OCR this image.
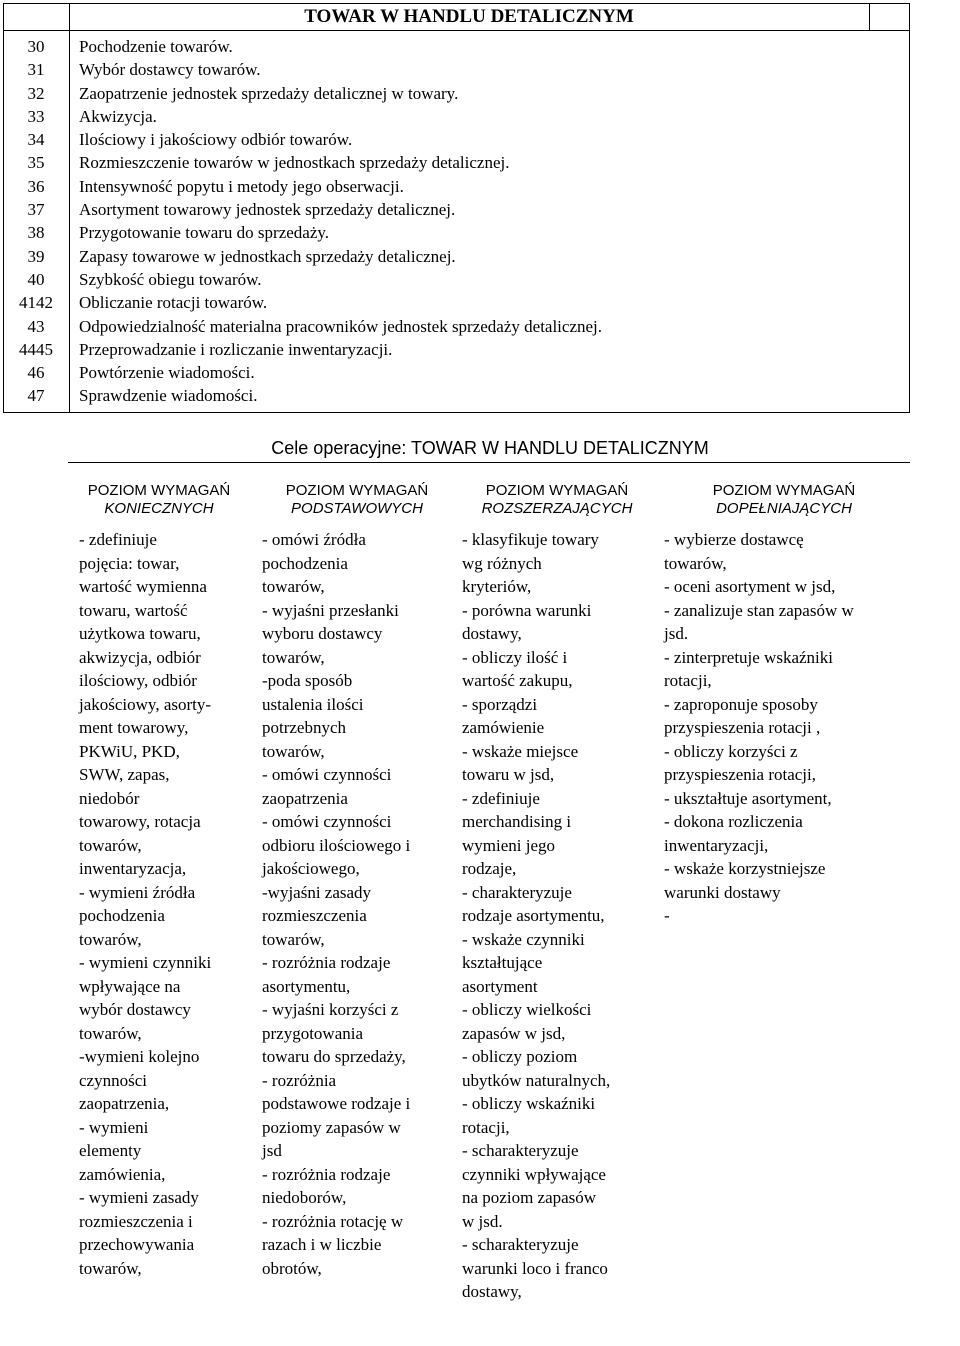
TOWAR W HANDLU DETALICZNYM
30
31
32
33
34
35
36
37
38
39
40
4142
43
4445
46
47
Pochodzenie towarów.
Wybór dostawcy towarów.
Zaopatrzenie jednostek sprzedaży detalicznej w towary.
Akwizycja.
Ilościowy i jakościowy odbiór towarów.
Rozmieszczenie towarów w jednostkach sprzedaży detalicznej.
Intensywność popytu i metody jego obserwacji.
Asortyment towarowy jednostek sprzedaży detalicznej.
Przygotowanie towaru do sprzedaży.
Zapasy towarowe w jednostkach sprzedaży detalicznej.
Szybkość obiegu towarów.
Obliczanie rotacji towarów.
Odpowiedzialność materialna pracowników jednostek sprzedaży detalicznej.
Przeprowadzanie i rozliczanie inwentaryzacji.
Powtórzenie wiadomości.
Sprawdzenie wiadomości.
Cele operacyjne: TOWAR W HANDLU DETALICZNYM
POZIOM WYMAGAŃ
KONIECZNYCH
- zdefiniuje
pojęcia: towar,
wartość wymienna
towaru, wartość
użytkowa towaru,
akwizycja, odbiór
ilościowy, odbiór
jakościowy, asorty-
ment towarowy,
PKWiU, PKD,
SWW, zapas,
niedobór
towarowy, rotacja
towarów,
inwentaryzacja,
- wymieni źródła
pochodzenia
towarów,
- wymieni czynniki
wpływające na
wybór dostawcy
towarów,
-wymieni kolejno
czynności
zaopatrzenia,
- wymieni
elementy
zamówienia,
- wymieni zasady
rozmieszczenia i
przechowywania
towarów,
POZIOM WYMAGAŃ
PODSTAWOWYCH
- omówi źródła
pochodzenia
towarów,
- wyjaśni przesłanki
wyboru dostawcy
towarów,
-poda sposób
ustalenia ilości
potrzebnych
towarów,
- omówi czynności
zaopatrzenia
- omówi czynności
odbioru ilościowego i
jakościowego,
-wyjaśni zasady
rozmieszczenia
towarów,
- rozróżnia rodzaje
asortymentu,
- wyjaśni korzyści z
przygotowania
towaru do sprzedaży,
- rozróżnia
podstawowe rodzaje i
poziomy zapasów w
jsd
- rozróżnia rodzaje
niedoborów,
- rozróżnia rotację w
razach i w liczbie
obrotów,
POZIOM WYMAGAŃ
ROZSZERZAJĄCYCH
- klasyfikuje towary
wg różnych
kryteriów,
- porówna warunki
dostawy,
- obliczy ilość i
wartość zakupu,
- sporządzi
zamówienie
- wskaże miejsce
towaru w jsd,
- zdefiniuje
merchandising i
wymieni jego
rodzaje,
- charakteryzuje
rodzaje asortymentu,
- wskaże czynniki
kształtujące
asortyment
- obliczy wielkości
zapasów w jsd,
- obliczy poziom
ubytków naturalnych,
- obliczy wskaźniki
rotacji,
- scharakteryzuje
czynniki wpływające
na poziom zapasów
w jsd.
- scharakteryzuje
warunki loco i franco
dostawy,
POZIOM WYMAGAŃ
DOPEŁNIAJĄCYCH
- wybierze dostawcę
towarów,
- oceni asortyment w jsd,
- zanalizuje stan zapasów w
jsd.
- zinterpretuje wskaźniki
rotacji,
- zaproponuje sposoby
przyspieszenia rotacji ,
- obliczy korzyści z
przyspieszenia rotacji,
- ukształtuje asortyment,
- dokona rozliczenia
inwentaryzacji,
- wskaże korzystniejsze
warunki dostawy
-
